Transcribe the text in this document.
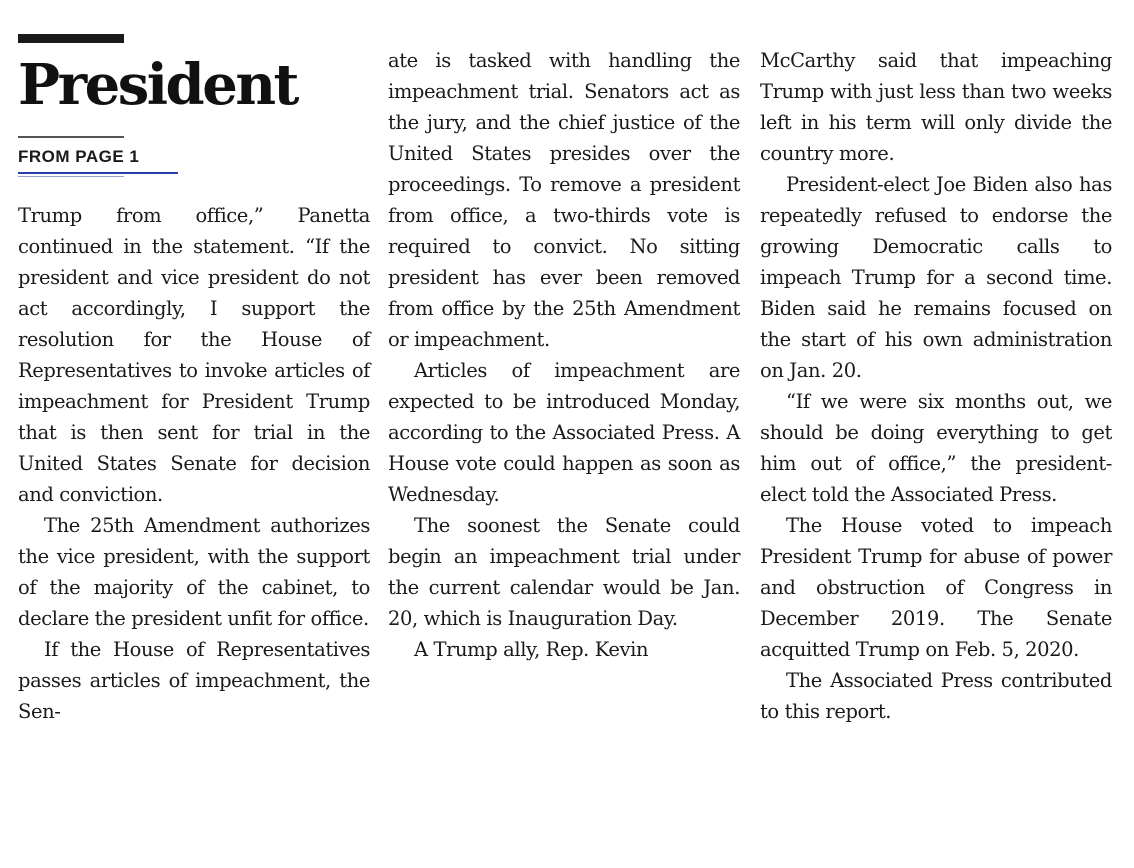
President
FROM PAGE 1

Trump from office,” Panetta continued in the statement. “If the president and vice president do not act accordingly, I support the resolution for the House of Representatives to invoke articles of impeachment for President Trump that is then sent for trial in the United States Senate for decision and conviction.

The 25th Amendment authorizes the vice president, with the support of the majority of the cabinet, to declare the president unfit for office.

If the House of Representatives passes articles of impeachment, the Sen-

ate is tasked with handling the impeachment trial. Senators act as the jury, and the chief justice of the United States presides over the proceedings. To remove a president from office, a two-thirds vote is required to convict. No sitting president has ever been removed from office by the 25th Amendment or impeachment.

Articles of impeachment are expected to be introduced Monday, according to the Associated Press. A House vote could happen as soon as Wednesday.

The soonest the Senate could begin an impeachment trial under the current calendar would be Jan. 20, which is Inauguration Day.

A Trump ally, Rep. Kevin

McCarthy said that impeaching Trump with just less than two weeks left in his term will only divide the country more.

President-elect Joe Biden also has repeatedly refused to endorse the growing Democratic calls to impeach Trump for a second time. Biden said he remains focused on the start of his own administration on Jan. 20.

“If we were six months out, we should be doing everything to get him out of office,” the president-elect told the Associated Press.

The House voted to impeach President Trump for abuse of power and obstruction of Congress in December 2019. The Senate acquitted Trump on Feb. 5, 2020.

The Associated Press contributed to this report.
